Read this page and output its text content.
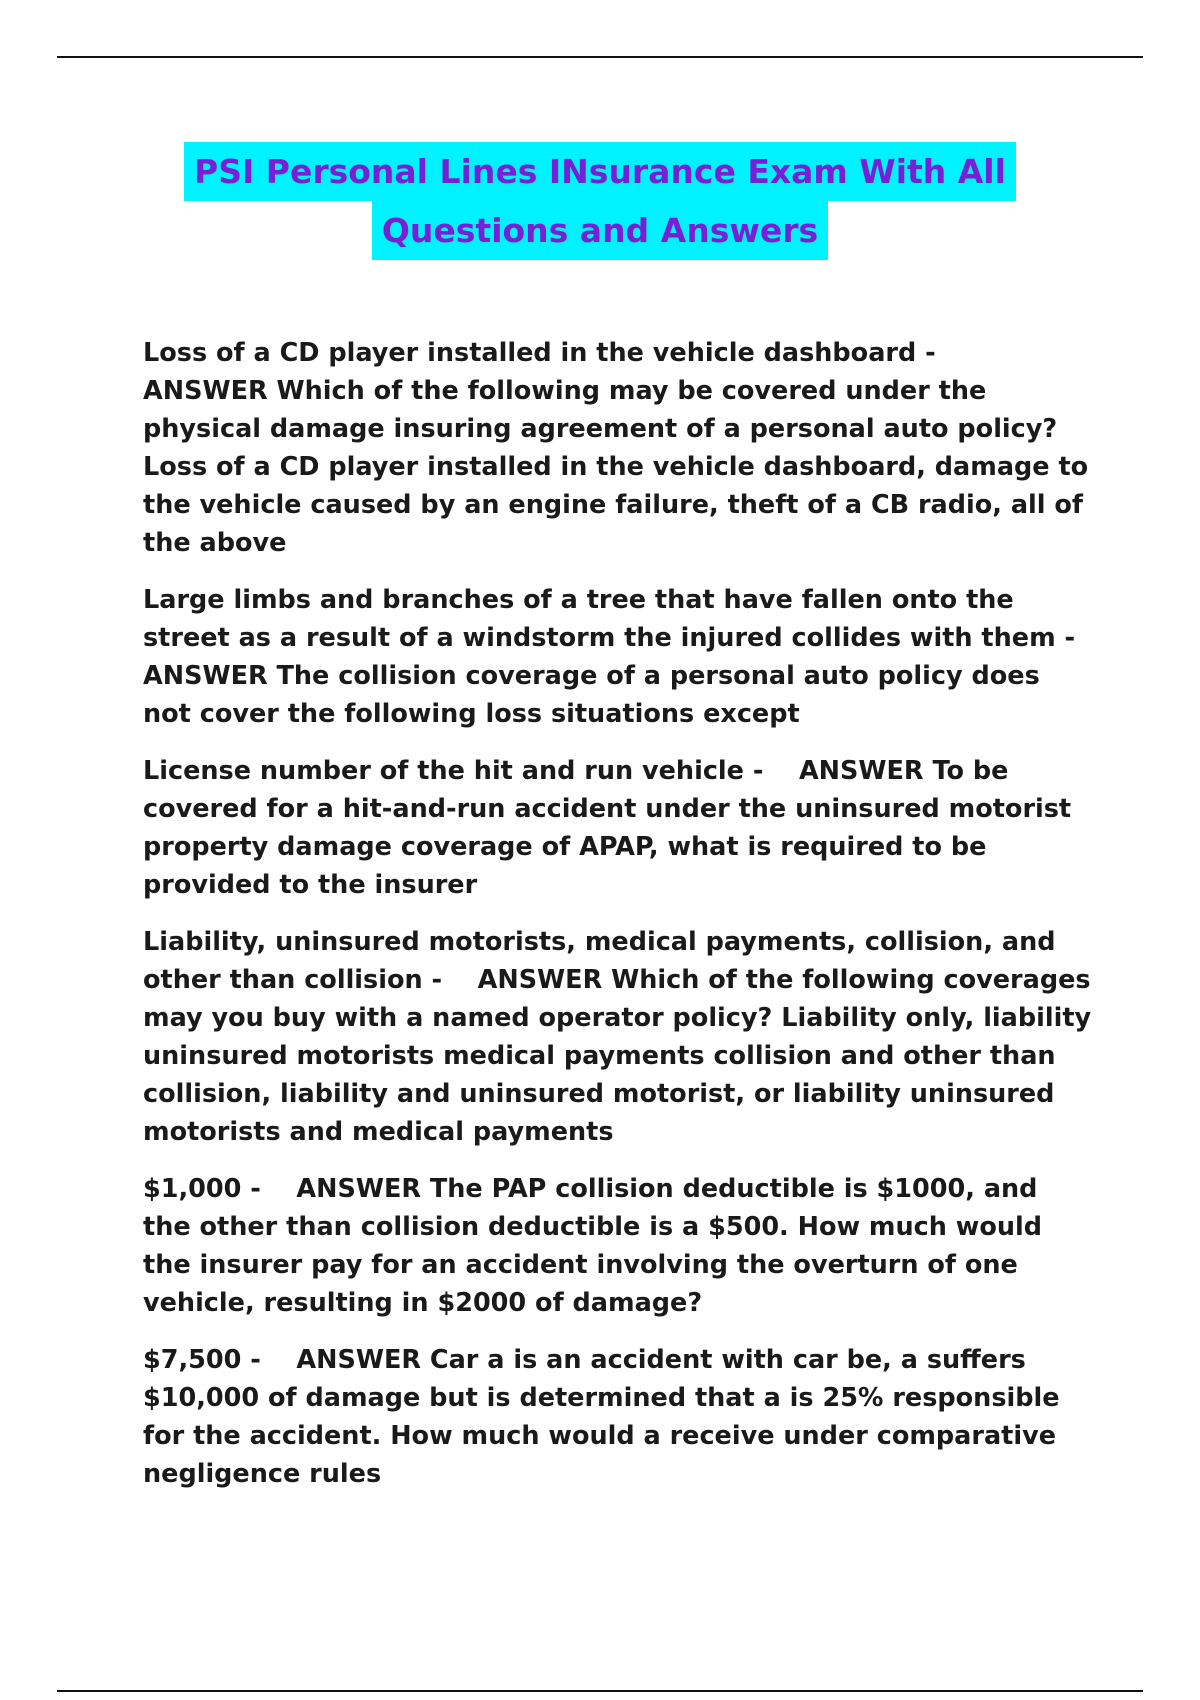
PSI Personal Lines INsurance Exam With All
Questions and Answers

Loss of a CD player installed in the vehicle dashboard -    ANSWER Which of the following may be covered under the physical damage insuring agreement of a personal auto policy? Loss of a CD player installed in the vehicle dashboard, damage to the vehicle caused by an engine failure, theft of a CB radio, all of the above

Large limbs and branches of a tree that have fallen onto the street as a result of a windstorm the injured collides with them -    ANSWER The collision coverage of a personal auto policy does not cover the following loss situations except

License number of the hit and run vehicle -    ANSWER To be covered for a hit-and-run accident under the uninsured motorist property damage coverage of APAP, what is required to be provided to the insurer

Liability, uninsured motorists, medical payments, collision, and other than collision -    ANSWER Which of the following coverages may you buy with a named operator policy? Liability only, liability uninsured motorists medical payments collision and other than collision, liability and uninsured motorist, or liability uninsured motorists and medical payments

$1,000 -    ANSWER The PAP collision deductible is $1000, and the other than collision deductible is a $500. How much would the insurer pay for an accident involving the overturn of one vehicle, resulting in $2000 of damage?

$7,500 -    ANSWER Car a is an accident with car be, a suffers $10,000 of damage but is determined that a is 25% responsible for the accident. How much would a receive under comparative negligence rules
